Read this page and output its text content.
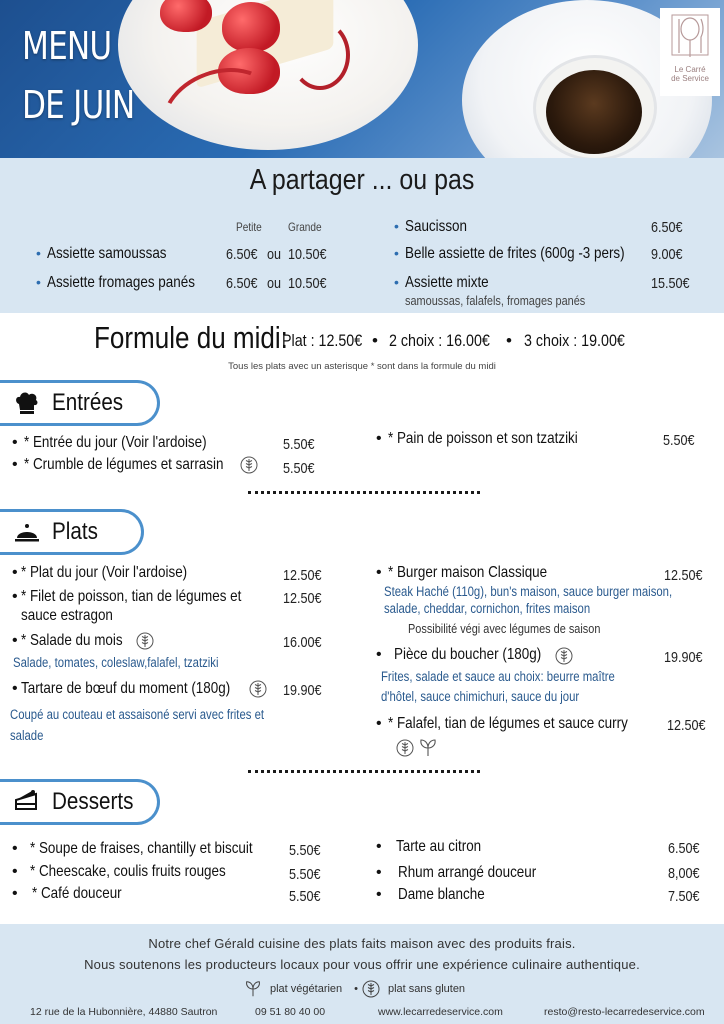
MENU
DE JUIN
Le Carré
de Service
A partager ... ou pas
Petite Grande
• Assiette samoussas	6.50€ ou 10.50€
• Assiette fromages panés	6.50€ ou 10.50€
• Saucisson	6.50€
• Belle assiette de frites (600g -3 pers)	9.00€
• Assiette mixte	15.50€
samoussas, falafels, fromages panés
Formule du midi:
Plat : 12.50€ • 2 choix : 16.00€ • 3 choix : 19.00€
Tous les plats avec un asterisque * sont dans la formule du midi
Entrées
• * Entrée du jour (Voir l'ardoise)	5.50€
• * Crumble de légumes et sarrasin	5.50€
• * Pain de poisson et son tzatziki	5.50€
Plats
• * Plat du jour (Voir l'ardoise)	12.50€
• * Filet de poisson, tian de légumes et
sauce estragon
12.50€
• * Salade du mois	16.00€
Salade, tomates, coleslaw,falafel, tzatziki
• Tartare de bœuf du moment (180g)	19.90€
Coupé au couteau et assaisoné servi avec frites et
salade
• * Burger maison Classique	12.50€
Steak Haché (110g), bun's maison, sauce burger maison,
salade, cheddar, cornichon, frites maison
Possibilité végi avec légumes de saison
• Pièce du boucher (180g)	19.90€
Frites, salade et sauce au choix: beurre maître
d'hôtel, sauce chimichuri, sauce du jour
• * Falafel, tian de légumes et sauce curry	12.50€
Desserts
• * Soupe de fraises, chantilly et biscuit	5.50€
• * Cheescake, coulis fruits rouges	5.50€
• * Café douceur	5.50€
• Tarte au citron	6.50€
• Rhum arrangé douceur	8,00€
• Dame blanche	7.50€
Notre chef Gérald cuisine des plats faits maison avec des produits frais.
Nous soutenons les producteurs locaux pour vous offrir une expérience culinaire authentique.
plat végétarien •	plat sans gluten
12 rue de la Hubonnière, 44880 Sautron	09 51 80 40 00	www.lecarredeservice.com	resto@resto-lecarredeservice.com
